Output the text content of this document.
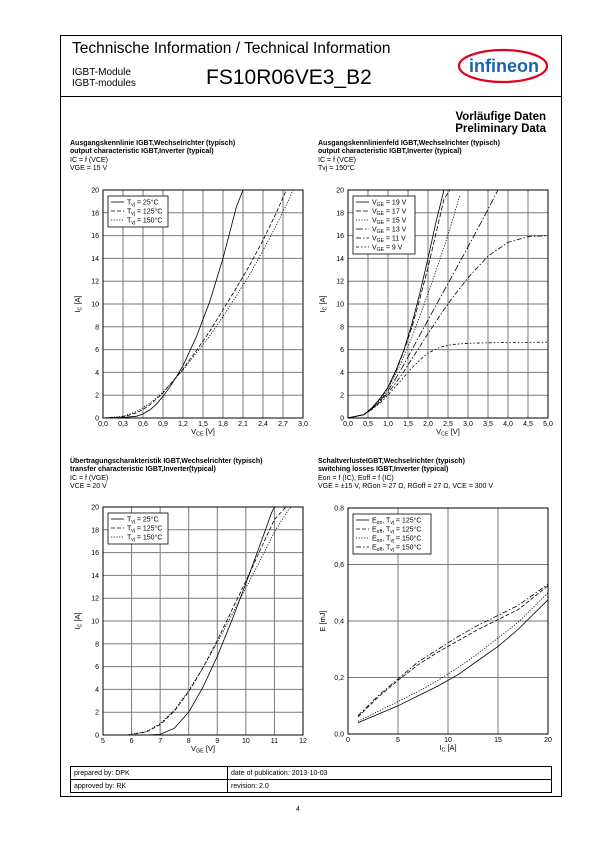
Technische Information / Technical Information
IGBT-Module
IGBT-modules	FS10R06VE3_B2	infineon
Vorläufige Daten
Preliminary Data
Ausgangskennlinie IGBT,Wechselrichter (typisch)
output characteristic IGBT,Inverter (typical)
IC = f (VCE)
VGE = 15 V
Ausgangskennlinienfeld IGBT,Wechselrichter (typisch)
output characteristic IGBT,Inverter (typical)
IC = f (VCE)
Tvj = 150°C
Übertragungscharakteristik IGBT,Wechselrichter (typisch)
transfer characteristic IGBT,Inverter(typical)
IC = f (VGE)
VCE = 20 V
SchaltverlusteIGBT,Wechselrichter (typisch)
switching losses IGBT,Inverter (typical)
Eon = f (IC), Eoff = f (IC)
VGE = ±15 V, RGon = 27 Ω, RGoff = 27 Ω, VCE = 300 V
0,0 0,3 0,6 0,9 1,2 1,5 1,8 2,1 2,4 2,7 3,0
0
2
4
6
8
10
12
14
16
18
20
$V_{CE}$ [V]
$I_C$ [A]
$T_{vj} = 25^\circ C$
$T_{vj} = 125^\circ C$
$T_{vj} = 150^\circ C$
0,0 0,5 1,0 1,5 2,0 2,5 3,0 3,5 4,0 4,5 5,0
0
2
4
6
8
10
12
14
16
18
20
$V_{CE}$ [V]
$I_C$ [A]
$V_{GE} = 19$ V
$V_{GE} = 17$ V
$V_{GE} = 15$ V
$V_{GE} = 13$ V
$V_{GE} = 11$ V
$V_{GE} = 9$ V
5	6	7	8	9	10	11	12
0
2
4
6
8
10
12
14
16
18
20
$V_{GE}$ [V]
$I_C$ [A]
$T_{vj} = 25^\circ C$
$T_{vj} = 125^\circ C$
$T_{vj} = 150^\circ C$
0	5	10	15	20
0,0
0,2
0,4
0,6
0,8
$I_C$ [A]
E [mJ]
$E_{on}$, $T_{vj} = 125^\circ C$
$E_{off}$, $T_{vj} = 125^\circ C$
$E_{on}$, $T_{vj} = 150^\circ C$
$E_{off}$, $T_{vj} = 150^\circ C$
prepared by: DPK	date of publication: 2013-10-03
approved by: RK	revision: 2.0
4
